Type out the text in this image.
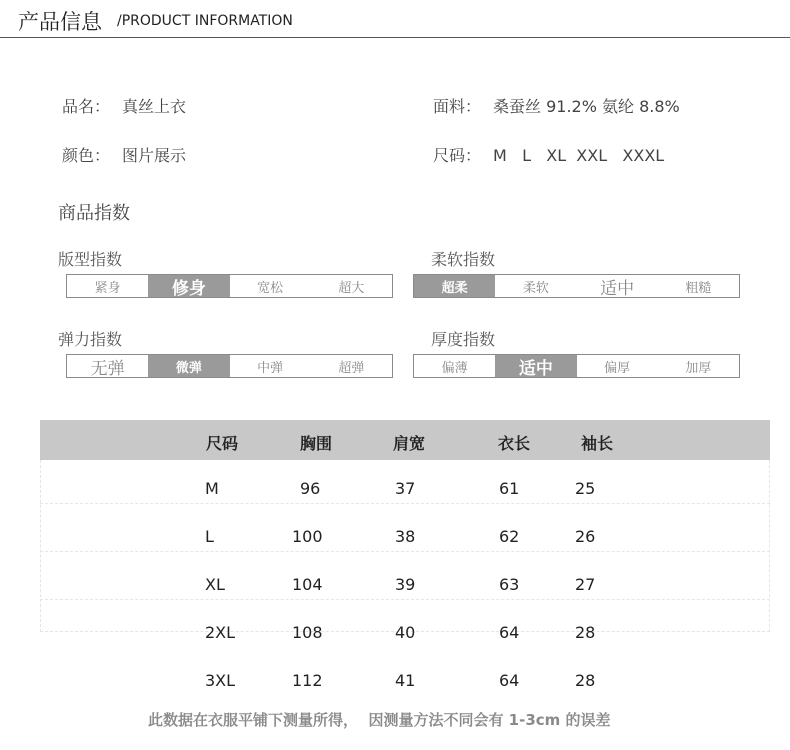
产品信息 /PRODUCT INFORMATION
品名： 真丝上衣	面料： 桑蚕丝 91.2% 氨纶 8.8%
颜色： 图片展示	尺码： M   L   XL  XXL   XXXL
商品指数
版型指数
紧身	修身	宽松	超大
柔软指数
超柔	柔软	适中	粗糙
弹力指数
无弹	微弹	中弹	超弹
厚度指数
偏薄	适中	偏厚	加厚
尺码	胸围	肩宽	衣长	袖长
M	96	37	61	25
L	100	38	62	26
XL	104	39	63	27
2XL	108	40	64	28
3XL	112	41	64	28
此数据在衣服平铺下测量所得，  因测量方法不同会有 1-3cm 的误差
